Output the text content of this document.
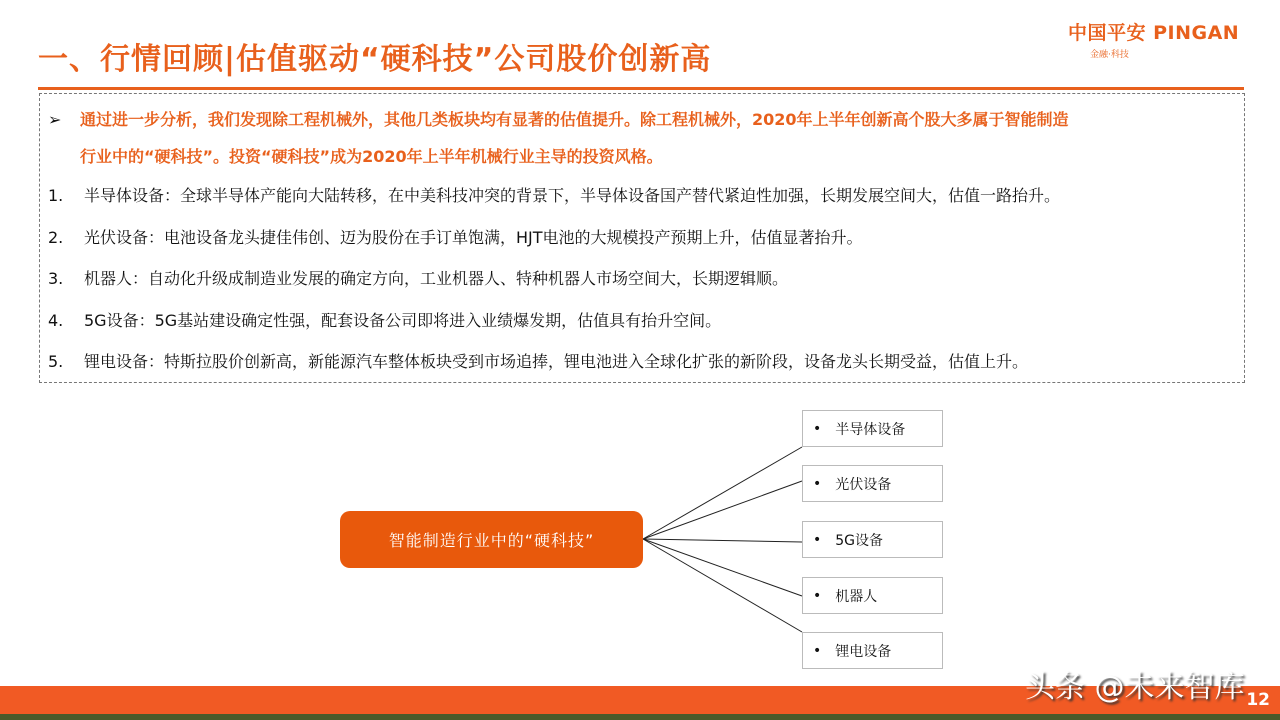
一、行情回顾|估值驱动“硬科技”公司股价创新高
中国平安 PINGAN
金融·科技
➢ 通过进一步分析，我们发现除工程机械外，其他几类板块均有显著的估值提升。除工程机械外，2020年上半年创新高个股大多属于智能制造
行业中的“硬科技”。投资“硬科技”成为2020年上半年机械行业主导的投资风格。
1. 半导体设备：全球半导体产能向大陆转移，在中美科技冲突的背景下，半导体设备国产替代紧迫性加强，长期发展空间大，估值一路抬升。
2. 光伏设备：电池设备龙头捷佳伟创、迈为股份在手订单饱满，HJT电池的大规模投产预期上升，估值显著抬升。
3. 机器人：自动化升级成制造业发展的确定方向，工业机器人、特种机器人市场空间大，长期逻辑顺。
4. 5G设备：5G基站建设确定性强，配套设备公司即将进入业绩爆发期，估值具有抬升空间。
5. 锂电设备：特斯拉股价创新高，新能源汽车整体板块受到市场追捧，锂电池进入全球化扩张的新阶段，设备龙头长期受益，估值上升。
智能制造行业中的“硬科技”
• 半导体设备
• 光伏设备
• 5G设备
• 机器人
• 锂电设备
头条 @未来智库 12
